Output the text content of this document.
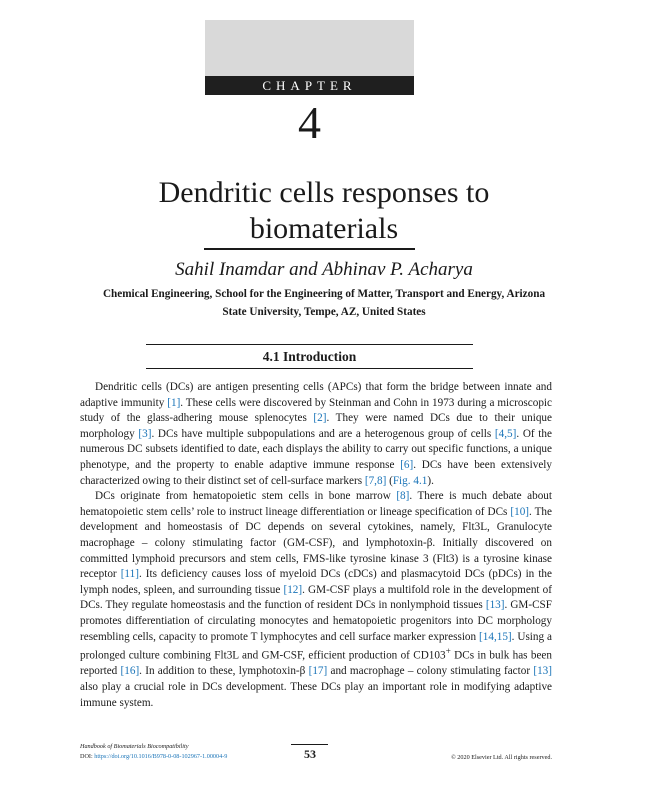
CHAPTER
4
Dendritic cells responses to
biomaterials
Sahil Inamdar and Abhinav P. Acharya
Chemical Engineering, School for the Engineering of Matter, Transport and Energy, Arizona
State University, Tempe, AZ, United States
4.1 Introduction

Dendritic cells (DCs) are antigen presenting cells (APCs) that form the bridge between innate and adaptive immunity [1]. These cells were discovered by Steinman and Cohn in 1973 during a microscopic study of the glass-adhering mouse splenocytes [2]. They were named DCs due to their unique morphology [3]. DCs have multiple subpopulations and are a heterogenous group of cells [4,5]. Of the numerous DC subsets identified to date, each displays the ability to carry out specific functions, a unique phenotype, and the property to enable adaptive immune response [6]. DCs have been extensively characterized owing to their distinct set of cell-surface markers [7,8] (Fig. 4.1).

DCs originate from hematopoietic stem cells in bone marrow [8]. There is much debate about hematopoietic stem cells’ role to instruct lineage differentiation or lineage specification of DCs [10]. The development and homeostasis of DC depends on several cytokines, namely, Flt3L, Granulocyte macrophage – colony stimulating factor (GM-CSF), and lymphotoxin-β. Initially discovered on committed lymphoid precursors and stem cells, FMS-like tyrosine kinase 3 (Flt3) is a tyrosine kinase receptor [11]. Its deficiency causes loss of myeloid DCs (cDCs) and plasmacytoid DCs (pDCs) in the lymph nodes, spleen, and surrounding tissue [12]. GM-CSF plays a multifold role in the development of DCs. They regulate homeostasis and the function of resident DCs in nonlymphoid tissues [13]. GM-CSF promotes differentiation of circulating monocytes and hematopoietic progenitors into DC morphology resembling cells, capacity to promote T lymphocytes and cell surface marker expression [14,15]. Using a prolonged culture combining Flt3L and GM-CSF, efficient production of CD103+ DCs in bulk has been reported [16]. In addition to these, lymphotoxin-β [17] and macrophage – colony stimulating factor [13] also play a crucial role in DCs development. These DCs play an important role in modifying adaptive immune system.

Handbook of Biomaterials Biocompatibility
DOI: https://doi.org/10.1016/B978-0-08-102967-1.00004-9	53	© 2020 Elsevier Ltd. All rights reserved.
